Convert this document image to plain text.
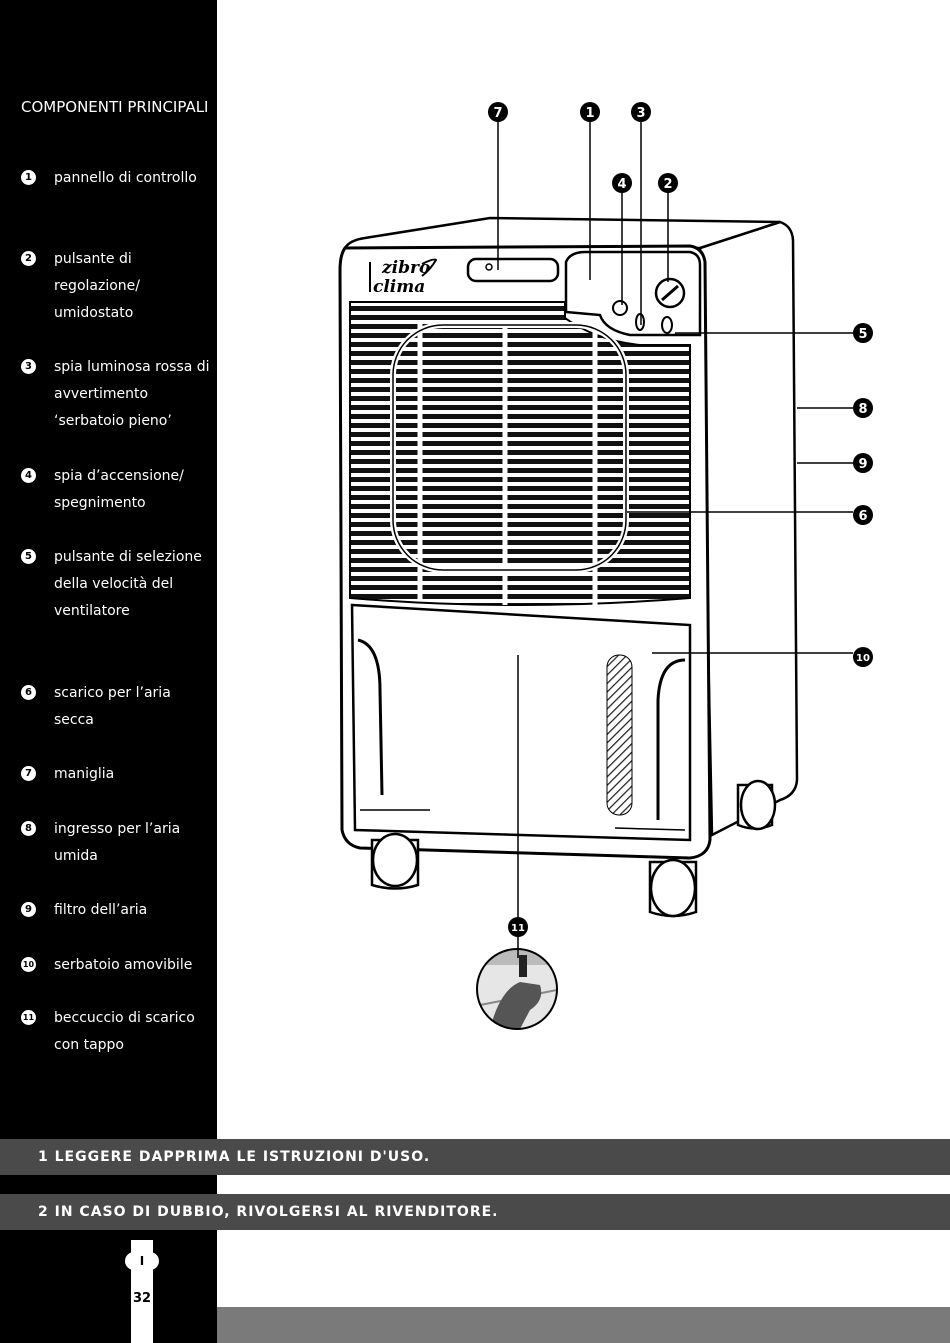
COMPONENTI PRINCIPALI
1 pannello di controllo
2 pulsante di regolazione/ umidostato
3 spia luminosa rossa di avvertimento ‘serbatoio pieno’
4 spia d’accensione/ spegnimento
5 pulsante di selezione della velocità del ventilatore
6 scarico per l’aria secca
7 maniglia
8 ingresso per l’aria umida
9 filtro dell’aria
10 serbatoio amovibile
11 beccuccio di scarico con tappo
zibro
clima
7	1	3
4	2
5
8
9
6
10
11
1 LEGGERE DAPPRIMA LE ISTRUZIONI D'USO.
2 IN CASO DI DUBBIO, RIVOLGERSI AL RIVENDITORE.
I
32
